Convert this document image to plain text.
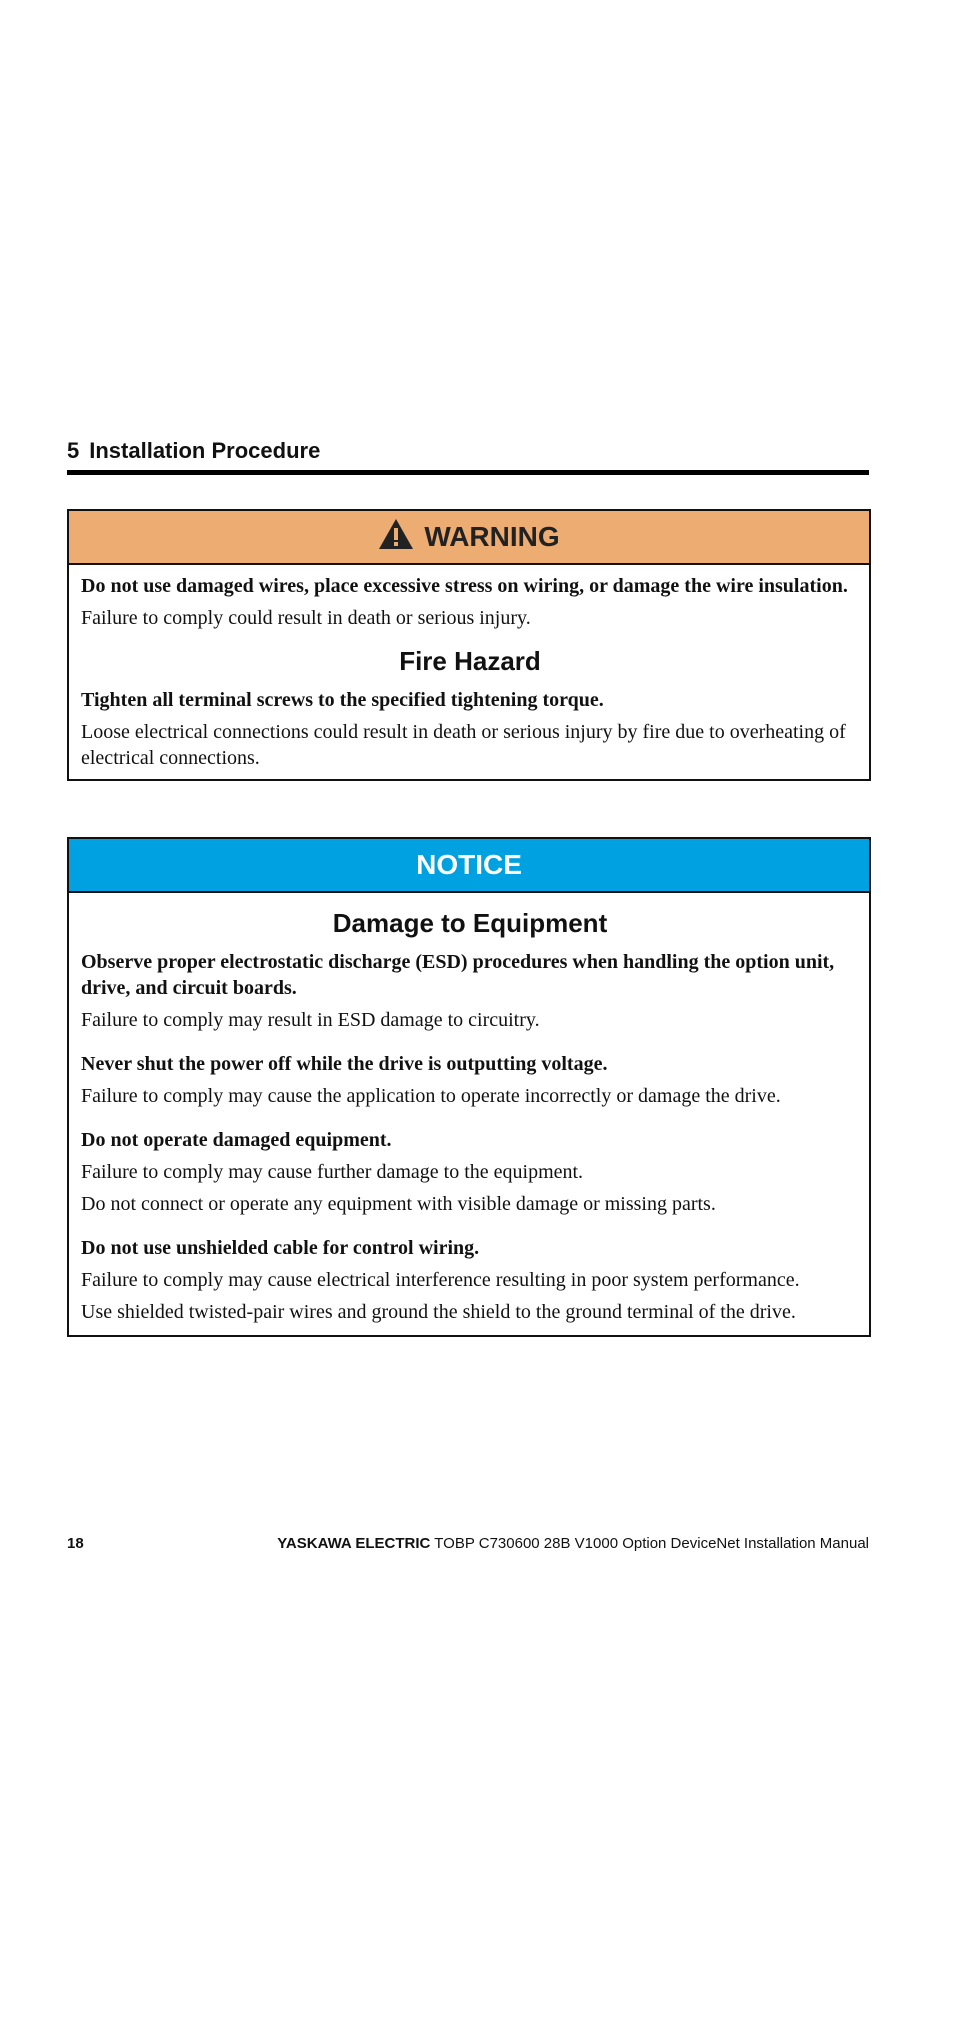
5 Installation Procedure
WARNING

Do not use damaged wires, place excessive stress on wiring, or damage the wire insulation.

Failure to comply could result in death or serious injury.

Fire Hazard

Tighten all terminal screws to the specified tightening torque.

Loose electrical connections could result in death or serious injury by fire due to overheating of electrical connections.

NOTICE
Damage to Equipment

Observe proper electrostatic discharge (ESD) procedures when handling the option unit, drive, and circuit boards.

Failure to comply may result in ESD damage to circuitry.

Never shut the power off while the drive is outputting voltage.

Failure to comply may cause the application to operate incorrectly or damage the drive.

Do not operate damaged equipment.

Failure to comply may cause further damage to the equipment.

Do not connect or operate any equipment with visible damage or missing parts.

Do not use unshielded cable for control wiring.

Failure to comply may cause electrical interference resulting in poor system performance.

Use shielded twisted-pair wires and ground the shield to the ground terminal of the drive.

18	YASKAWA ELECTRIC TOBP C730600 28B V1000 Option DeviceNet Installation Manual
